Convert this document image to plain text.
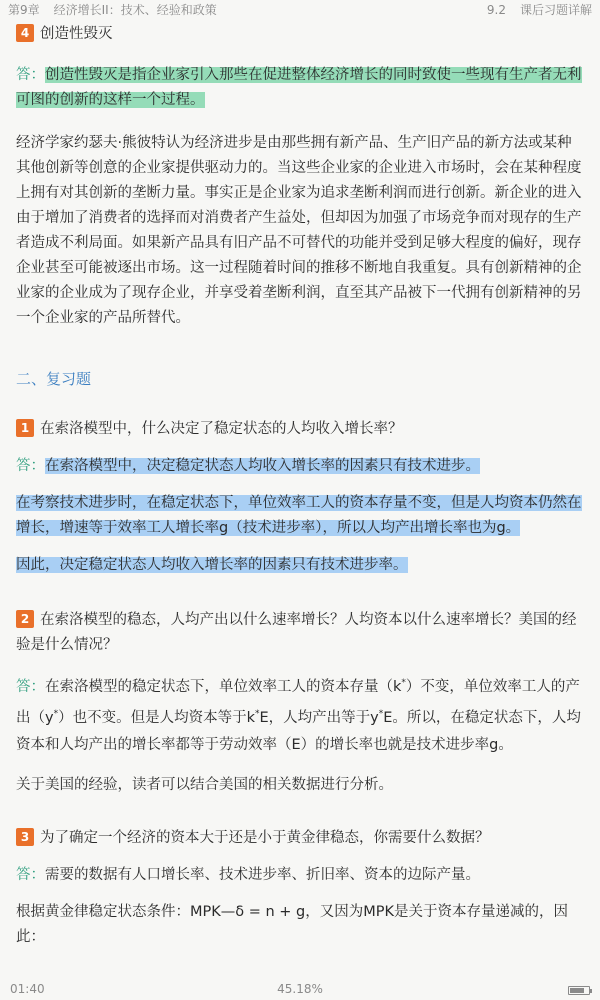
第9章 经济增长II：技术、经验和政策	9.2 课后习题详解
4 创造性毁灭
答：创造性毁灭是指企业家引入那些在促进整体经济增长的同时致使一些现有生产者无利可图的创新的这样一个过程。
经济学家约瑟夫·熊彼特认为经济进步是由那些拥有新产品、生产旧产品的新方法或某种其他创新等创意的企业家提供驱动力的。当这些企业家的企业进入市场时，会在某种程度上拥有对其创新的垄断力量。事实正是企业家为追求垄断利润而进行创新。新企业的进入由于增加了消费者的选择而对消费者产生益处，但却因为加强了市场竞争而对现存的生产者造成不利局面。如果新产品具有旧产品不可替代的功能并受到足够大程度的偏好，现存企业甚至可能被逐出市场。这一过程随着时间的推移不断地自我重复。具有创新精神的企业家的企业成为了现存企业，并享受着垄断利润，直至其产品被下一代拥有创新精神的另一个企业家的产品所替代。
二、复习题
1 在索洛模型中，什么决定了稳定状态的人均收入增长率？
答：在索洛模型中，决定稳定状态人均收入增长率的因素只有技术进步。
在考察技术进步时，在稳定状态下，单位效率工人的资本存量不变，但是人均资本仍然在增长，增速等于效率工人增长率g（技术进步率），所以人均产出增长率也为g。
因此，决定稳定状态人均收入增长率的因素只有技术进步率。
2 在索洛模型的稳态，人均产出以什么速率增长？人均资本以什么速率增长？美国的经验是什么情况？
答：在索洛模型的稳定状态下，单位效率工人的资本存量（k*）不变，单位效率工人的产出（y*）也不变。但是人均资本等于k*E，人均产出等于y*E。所以，在稳定状态下，人均资本和人均产出的增长率都等于劳动效率（E）的增长率也就是技术进步率g。
关于美国的经验，读者可以结合美国的相关数据进行分析。
3 为了确定一个经济的资本大于还是小于黄金律稳态，你需要什么数据？
答：需要的数据有人口增长率、技术进步率、折旧率、资本的边际产量。
根据黄金律稳定状态条件：MPK—δ = n + g，又因为MPK是关于资本存量递减的，因此：
01:40	45.18%
